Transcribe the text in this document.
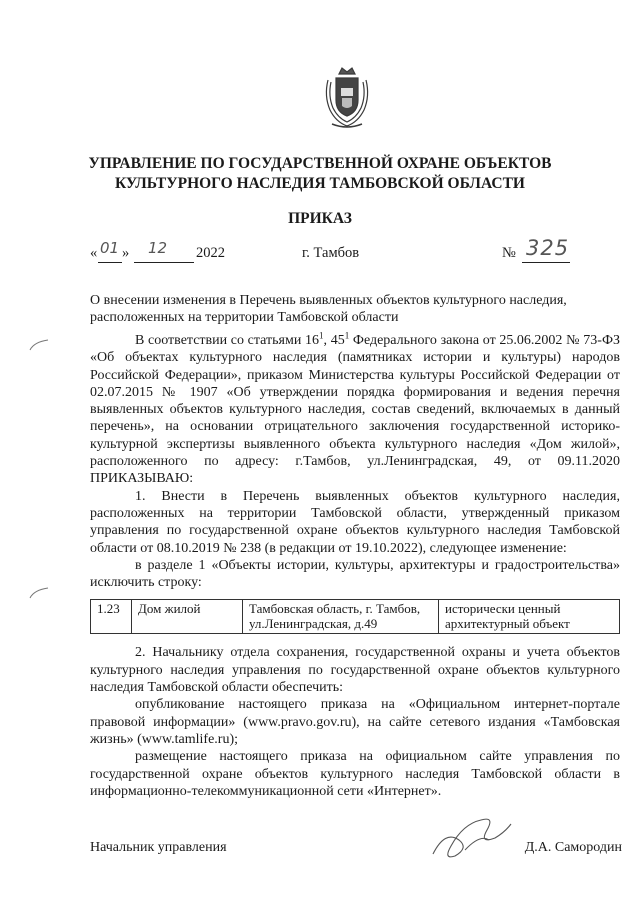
УПРАВЛЕНИЕ ПО ГОСУДАРСТВЕННОЙ ОХРАНЕ ОБЪЕКТОВ
КУЛЬТУРНОГО НАСЛЕДИЯ ТАМБОВСКОЙ ОБЛАСТИ
ПРИКАЗ
« 01 » 12 2022	г. Тамбов	№ 325
О внесении изменения в Перечень выявленных объектов культурного наследия, расположенных на территории Тамбовской области

В соответствии со статьями $16^1$, $45^1$ Федерального закона от 25.06.2002 № 73-ФЗ «Об объектах культурного наследия (памятниках истории и культуры) народов Российской Федерации», приказом Министерства культуры Российской Федерации от 02.07.2015 № 1907 «Об утверждении порядка формирования и ведения перечня выявленных объектов культурного наследия, состав сведений, включаемых в данный перечень», на основании отрицательного заключения государственной историко-культурной экспертизы выявленного объекта культурного наследия «Дом жилой», расположенного по адресу: г.Тамбов, ул.Ленинградская, 49, от 09.11.2020 ПРИКАЗЫВАЮ:

1. Внести в Перечень выявленных объектов культурного наследия, расположенных на территории Тамбовской области, утвержденный приказом управления по государственной охране объектов культурного наследия Тамбовской области от 08.10.2019 № 238 (в редакции от 19.10.2022), следующее изменение:

в разделе 1 «Объекты истории, культуры, архитектуры и градостроительства» исключить строку:

1.23	Дом жилой	Тамбовская область, г. Тамбов, ул.Ленинградская, д.49	исторически ценный архитектурный объект

2. Начальнику отдела сохранения, государственной охраны и учета объектов культурного наследия управления по государственной охране объектов культурного наследия Тамбовской области обеспечить:

опубликование настоящего приказа на «Официальном интернет-портале правовой информации» (www.pravo.gov.ru), на сайте сетевого издания «Тамбовская жизнь» (www.tamlife.ru);

размещение настоящего приказа на официальном сайте управления по государственной охране объектов культурного наследия Тамбовской области в информационно-телекоммуникационной сети «Интернет».

Начальник управления	Д.А. Самородин
